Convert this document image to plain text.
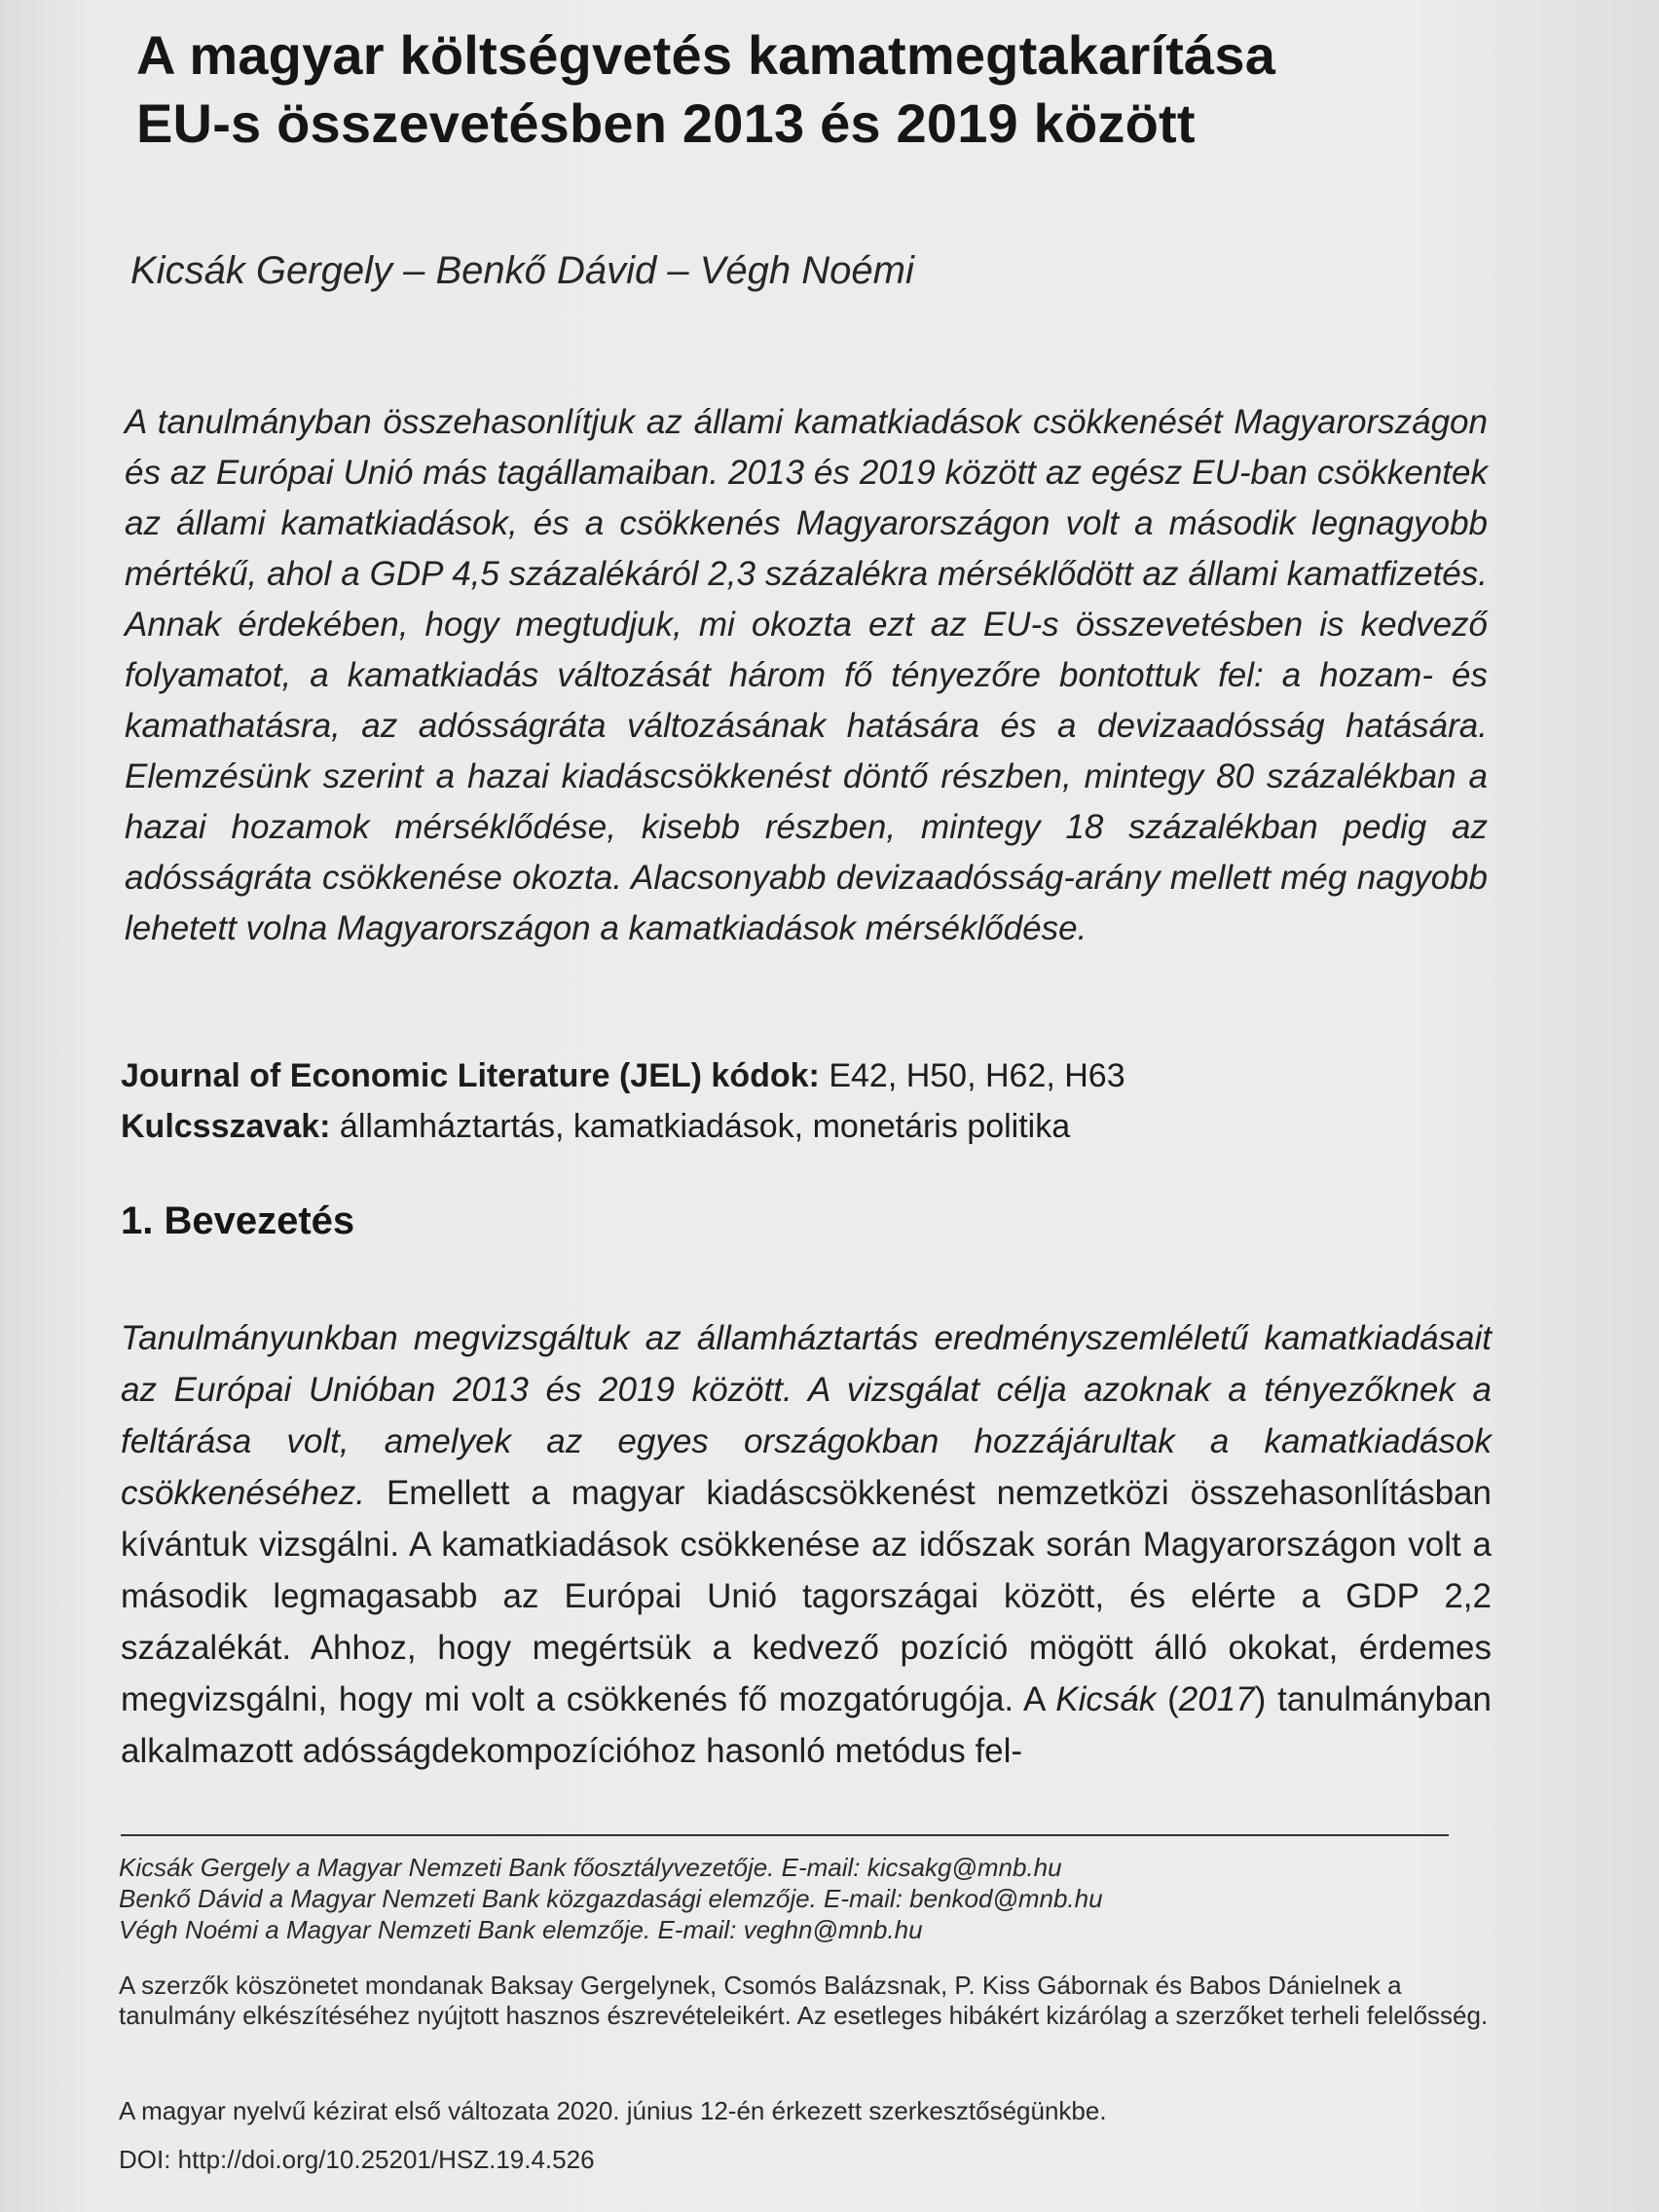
A magyar költségvetés kamatmegtakarítása
EU-s összevetésben 2013 és 2019 között
Kicsák Gergely – Benkő Dávid – Végh Noémi

A tanulmányban összehasonlítjuk az állami kamatkiadások csökkenését Magyarországon és az Európai Unió más tagállamaiban. 2013 és 2019 között az egész EU-ban csökkentek az állami kamatkiadások, és a csökkenés Magyarországon volt a második legnagyobb mértékű, ahol a GDP 4,5 százalékáról 2,3 százalékra mérséklődött az állami kamatfizetés. Annak érdekében, hogy megtudjuk, mi okozta ezt az EU-s összevetésben is kedvező folyamatot, a kamatkiadás változását három fő tényezőre bontottuk fel: a hozam- és kamathatásra, az adósságráta változásának hatására és a devizaadósság hatására. Elemzésünk szerint a hazai kiadáscsökkenést döntő részben, mintegy 80 százalékban a hazai hozamok mérséklődése, kisebb részben, mintegy 18 százalékban pedig az adósságráta csökkenése okozta. Alacsonyabb devizaadósság-arány mellett még nagyobb lehetett volna Magyarországon a kamatkiadások mérséklődése.

Journal of Economic Literature (JEL) kódok: E42, H50, H62, H63
Kulcsszavak: államháztartás, kamatkiadások, monetáris politika
1. Bevezetés

Tanulmányunkban megvizsgáltuk az államháztartás eredményszemléletű kamatkiadásait az Európai Unióban 2013 és 2019 között. A vizsgálat célja azoknak a tényezőknek a feltárása volt, amelyek az egyes országokban hozzájárultak a kamatkiadások csökkenéséhez. Emellett a magyar kiadáscsökkenést nemzetközi összehasonlításban kívántuk vizsgálni. A kamatkiadások csökkenése az időszak során Magyarországon volt a második legmagasabb az Európai Unió tagországai között, és elérte a GDP 2,2 százalékát. Ahhoz, hogy megértsük a kedvező pozíció mögött álló okokat, érdemes megvizsgálni, hogy mi volt a csökkenés fő mozgatórugója. A Kicsák (2017) tanulmányban alkalmazott adósságdekompozícióhoz hasonló metódus fel-

Kicsák Gergely a Magyar Nemzeti Bank főosztályvezetője. E-mail: kicsakg@mnb.hu
Benkő Dávid a Magyar Nemzeti Bank közgazdasági elemzője. E-mail: benkod@mnb.hu
Végh Noémi a Magyar Nemzeti Bank elemzője. E-mail: veghn@mnb.hu
A szerzők köszönetet mondanak Baksay Gergelynek, Csomós Balázsnak, P. Kiss Gábornak és Babos Dánielnek a tanulmány elkészítéséhez nyújtott hasznos észrevételeikért. Az esetleges hibákért kizárólag a szerzőket terheli felelősség.
A magyar nyelvű kézirat első változata 2020. június 12-én érkezett szerkesztőségünkbe.
DOI: http://doi.org/10.25201/HSZ.19.4.526
